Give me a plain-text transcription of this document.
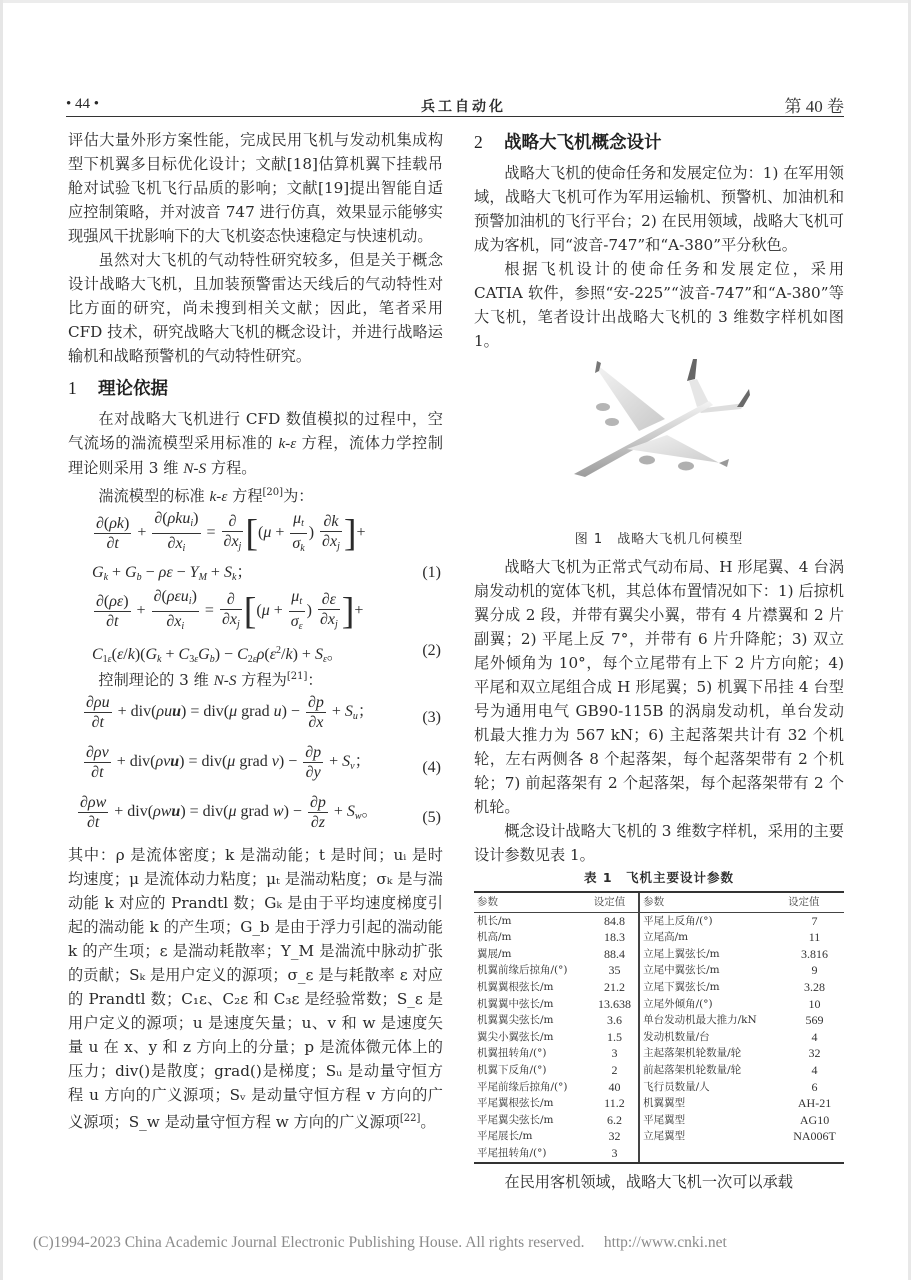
• 44 •	兵工自动化	第 40 卷

评估大量外形方案性能，完成民用飞机与发动机集成构型下机翼多目标优化设计；文献[18]估算机翼下挂载吊舱对试验飞机飞行品质的影响；文献[19]提出智能自适应控制策略，并对波音 747 进行仿真，效果显示能够实现强风干扰影响下的大飞机姿态快速稳定与快速机动。

虽然对大飞机的气动特性研究较多，但是关于概念设计战略大飞机，且加装预警雷达天线后的气动特性对比方面的研究，尚未搜到相关文献；因此，笔者采用 CFD 技术，研究战略大飞机的概念设计，并进行战略运输机和战略预警机的气动特性研究。

1 理论依据

在对战略大飞机进行 CFD 数值模拟的过程中，空气流场的湍流模型采用标准的 k-ε 方程，流体力学控制理论则采用 3 维 N-S 方程。

湍流模型的标准 k-ε 方程[20]为：

$\frac{\partial(\rho k)}{\partial t} + \frac{\partial(\rho ku_i)}{\partial x_i} = \frac{\partial}{\partial x_j} [(\mu + \frac{\mu_t}{\sigma_k}$ ) $\frac{\partial k}{\partial x_j}$ ]+
$G_k + G_b - \rho\varepsilon - Y_M + S_k$；	(1)
$\frac{\partial(\rho\varepsilon)}{\partial t} + \frac{\partial(\rho\varepsilon u_i)}{\partial x_i} = \frac{\partial}{\partial x_j} [(\mu + \frac{\mu_t}{\sigma_\varepsilon}$ ) $\frac{\partial\varepsilon}{\partial x_j}$ ]+
$C_{1\varepsilon}(\varepsilon/k)(G_k + C_{3\varepsilon}G_b) - C_{2\varepsilon}\rho(\varepsilon^2/k) + S_\varepsilon$。	(2)

控制理论的 3 维 N-S 方程为[21]：

$\frac{\partial\rho u}{\partial t} + div(\rho uu) = div(\mu$ grad $u) - \frac{\partial p}{\partial x} + S_u$；	(3)
$\frac{\partial\rho v}{\partial t} + div(\rho vu) = div(\mu$ grad $v) - \frac{\partial p}{\partial y} + S_v$；	(4)
$\frac{\partial\rho w}{\partial t} + div(\rho wu) = div(\mu$ grad $w) - \frac{\partial p}{\partial z} + S_w$。	(5)

其中：ρ 是流体密度；k 是湍动能；t 是时间；uᵢ 是时均速度；μ 是流体动力粘度；μₜ 是湍动粘度；σₖ 是与湍动能 k 对应的 Prandtl 数；Gₖ 是由于平均速度梯度引起的湍动能 k 的产生项；G_b 是由于浮力引起的湍动能 k 的产生项；ε 是湍动耗散率；Y_M 是湍流中脉动扩张的贡献；Sₖ 是用户定义的源项；σ_ε 是与耗散率 ε 对应的 Prandtl 数；C₁ε、C₂ε 和 C₃ε 是经验常数；S_ε 是用户定义的源项；u 是速度矢量；u、v 和 w 是速度矢量 u 在 x、y 和 z 方向上的分量；p 是流体微元体上的压力；div()是散度；grad()是梯度；Sᵤ 是动量守恒方程 u 方向的广义源项；Sᵥ 是动量守恒方程 v 方向的广义源项；S_w 是动量守恒方程 w 方向的广义源项[22]。

2 战略大飞机概念设计

战略大飞机的使命任务和发展定位为：1) 在军用领域，战略大飞机可作为军用运输机、预警机、加油机和预警加油机的飞行平台；2) 在民用领域，战略大飞机可成为客机，同“波音-747”和“A-380”平分秋色。

根据飞机设计的使命任务和发展定位，采用 CATIA 软件，参照“安-225”“波音-747”和“A-380”等大飞机，笔者设计出战略大飞机的 3 维数字样机如图 1。

图 1　战略大飞机几何模型

战略大飞机为正常式气动布局、H 形尾翼、4 台涡扇发动机的宽体飞机，其总体布置情况如下：1) 后掠机翼分成 2 段，并带有翼尖小翼，带有 4 片襟翼和 2 片副翼；2) 平尾上反 7°，并带有 6 片升降舵；3) 双立尾外倾角为 10°，每个立尾带有上下 2 片方向舵；4) 平尾和双立尾组合成 H 形尾翼；5) 机翼下吊挂 4 台型号为通用电气 GB90-115B 的涡扇发动机，单台发动机最大推力为 567 kN；6) 主起落架共计有 32 个机轮，左右两侧各 8 个起落架，每个起落架带有 2 个机轮；7) 前起落架有 2 个起落架，每个起落架带有 2 个机轮。

概念设计战略大飞机的 3 维数字样机，采用的主要设计参数见表 1。

表 1　飞机主要设计参数
参数	设定值	参数	设定值
机长/m	84.8	平尾上反角/(°)	7
机高/m	18.3	立尾高/m	11
翼展/m	88.4	立尾上翼弦长/m	3.816
机翼前缘后掠角/(°)	35	立尾中翼弦长/m	9
机翼翼根弦长/m	21.2	立尾下翼弦长/m	3.28
机翼翼中弦长/m	13.638	立尾外倾角/(°)	10
机翼翼尖弦长/m	3.6	单台发动机最大推力/kN	569
翼尖小翼弦长/m	1.5	发动机数量/台	4
机翼扭转角/(°)	3	主起落架机轮数量/轮	32
机翼下反角/(°)	2	前起落架机轮数量/轮	4
平尾前缘后掠角/(°)	40	飞行员数量/人	6
平尾翼根弦长/m	11.2	机翼翼型	AH-21
平尾翼尖弦长/m	6.2	平尾翼型	AG10
平尾展长/m	32	立尾翼型	NA006T
平尾扭转角/(°)	3		

在民用客机领域，战略大飞机一次可以承载

(C)1994-2023 China Academic Journal Electronic Publishing House. All rights reserved.　 http://www.cnki.net
